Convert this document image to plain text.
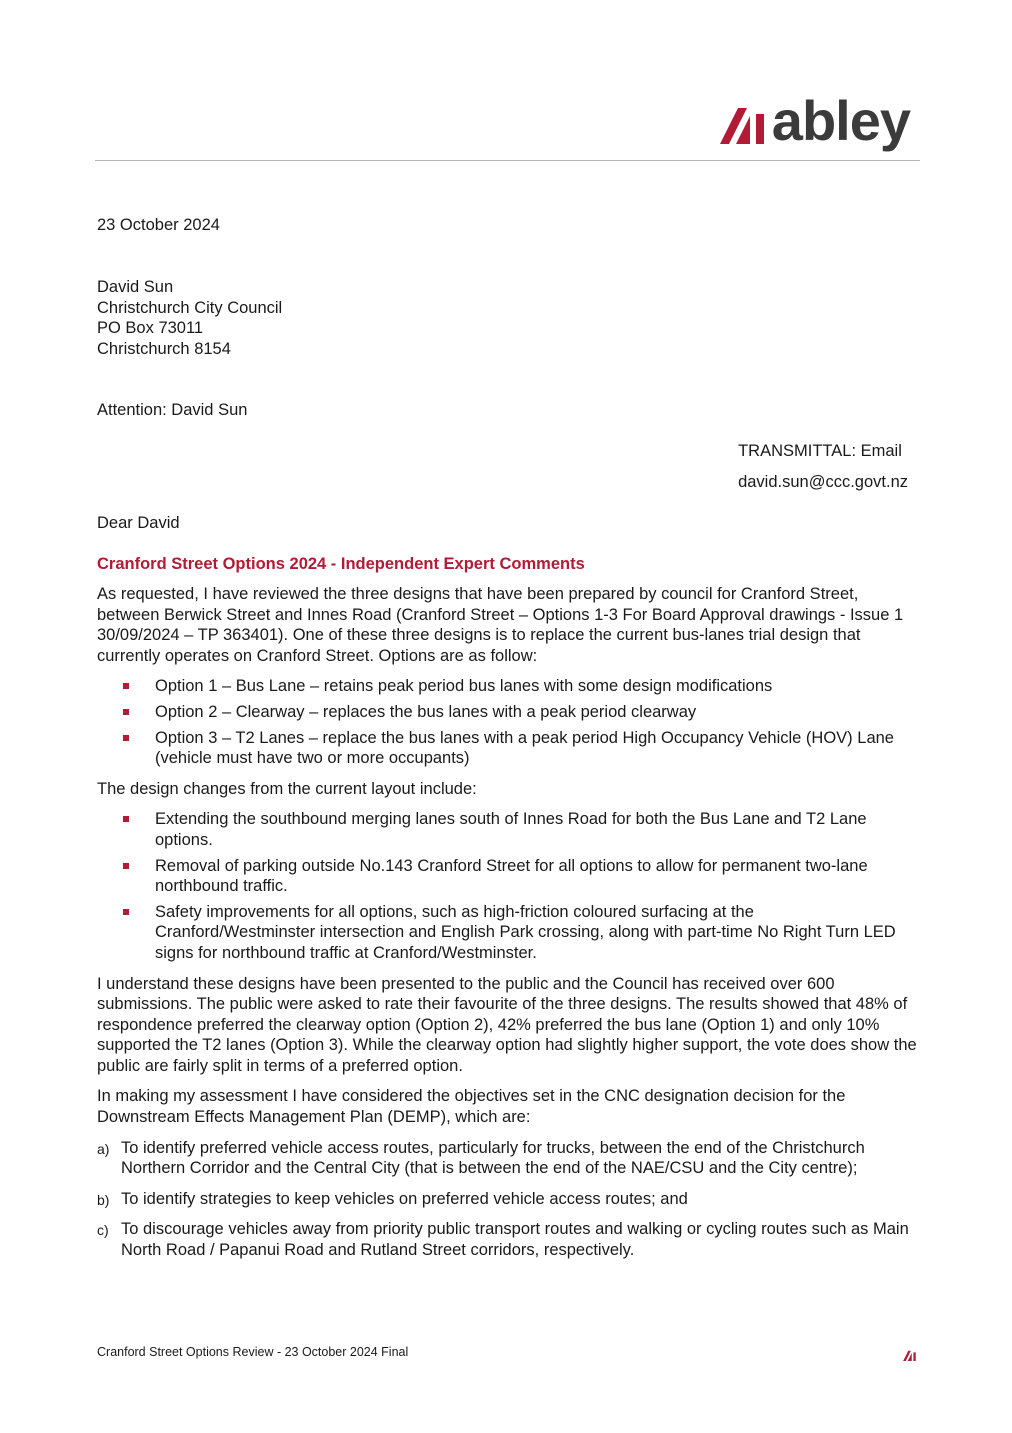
abley
23 October 2024
David Sun
Christchurch City Council
PO Box 73011
Christchurch 8154
Attention: David Sun
TRANSMITTAL: Email
david.sun@ccc.govt.nz
Dear David
Cranford Street Options 2024 - Independent Expert Comments

As requested, I have reviewed the three designs that have been prepared by council for Cranford Street, between Berwick Street and Innes Road (Cranford Street – Options 1-3 For Board Approval drawings - Issue 1 30/09/2024 – TP 363401). One of these three designs is to replace the current bus-lanes trial design that currently operates on Cranford Street. Options are as follow:

Option 1 – Bus Lane – retains peak period bus lanes with some design modifications
Option 2 – Clearway – replaces the bus lanes with a peak period clearway
Option 3 – T2 Lanes – replace the bus lanes with a peak period High Occupancy Vehicle (HOV) Lane (vehicle must have two or more occupants)

The design changes from the current layout include:

Extending the southbound merging lanes south of Innes Road for both the Bus Lane and T2 Lane options.
Removal of parking outside No.143 Cranford Street for all options to allow for permanent two-lane northbound traffic.
Safety improvements for all options, such as high-friction coloured surfacing at the Cranford/Westminster intersection and English Park crossing, along with part-time No Right Turn LED signs for northbound traffic at Cranford/Westminster.

I understand these designs have been presented to the public and the Council has received over 600 submissions. The public were asked to rate their favourite of the three designs. The results showed that 48% of respondence preferred the clearway option (Option 2), 42% preferred the bus lane (Option 1) and only 10% supported the T2 lanes (Option 3). While the clearway option had slightly higher support, the vote does show the public are fairly split in terms of a preferred option.

In making my assessment I have considered the objectives set in the CNC designation decision for the Downstream Effects Management Plan (DEMP), which are:

a) To identify preferred vehicle access routes, particularly for trucks, between the end of the Christchurch Northern Corridor and the Central City (that is between the end of the NAE/CSU and the City centre);
b) To identify strategies to keep vehicles on preferred vehicle access routes; and
c) To discourage vehicles away from priority public transport routes and walking or cycling routes such as Main North Road / Papanui Road and Rutland Street corridors, respectively.
Cranford Street Options Review - 23 October 2024 Final
